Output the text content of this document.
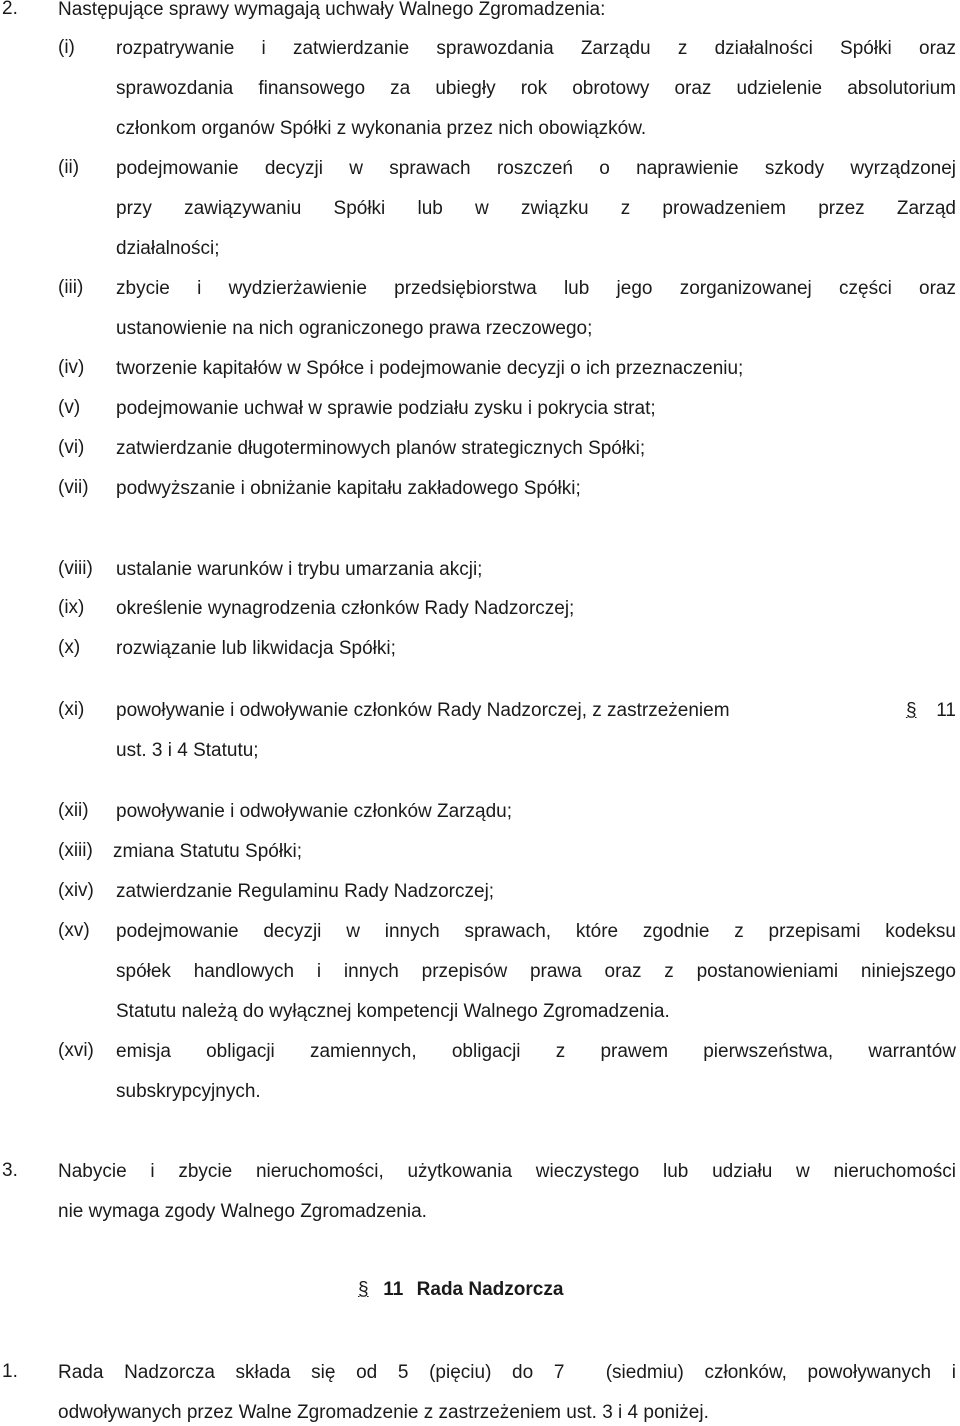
2. Następujące sprawy wymagają uchwały Walnego Zgromadzenia:
(i) rozpatrywanie i zatwierdzanie sprawozdania Zarządu z działalności Spółki oraz
sprawozdania finansowego za ubiegły rok obrotowy oraz udzielenie absolutorium
członkom organów Spółki z wykonania przez nich obowiązków.
(ii) podejmowanie decyzji w sprawach roszczeń o naprawienie szkody wyrządzonej
przy zawiązywaniu Spółki lub w związku z prowadzeniem przez Zarząd
działalności;
(iii) zbycie i wydzierżawienie przedsiębiorstwa lub jego zorganizowanej części oraz
ustanowienie na nich ograniczonego prawa rzeczowego;
(iv) tworzenie kapitałów w Spółce i podejmowanie decyzji o ich przeznaczeniu;
(v) podejmowanie uchwał w sprawie podziału zysku i pokrycia strat;
(vi) zatwierdzanie długoterminowych planów strategicznych Spółki;
(vii) podwyższanie i obniżanie kapitału zakładowego Spółki;
(viii) ustalanie warunków i trybu umarzania akcji;
(ix) określenie wynagrodzenia członków Rady Nadzorczej;
(x) rozwiązanie lub likwidacja Spółki;
(xi) powoływanie i odwoływanie członków Rady Nadzorczej, z zastrzeżeniem	§ 11
ust. 3 i 4 Statutu;
(xii) powoływanie i odwoływanie członków Zarządu;
(xiii) zmiana Statutu Spółki;
(xiv) zatwierdzanie Regulaminu Rady Nadzorczej;
(xv) podejmowanie decyzji w innych sprawach, które zgodnie z przepisami kodeksu
spółek handlowych i innych przepisów prawa oraz z postanowieniami niniejszego
Statutu należą do wyłącznej kompetencji Walnego Zgromadzenia.
(xvi) emisja obligacji zamiennych, obligacji z prawem pierwszeństwa, warrantów
subskrypcyjnych.
3. Nabycie i zbycie nieruchomości, użytkowania wieczystego lub udziału w nieruchomości
nie wymaga zgody Walnego Zgromadzenia.
§ 11 Rada Nadzorcza
1. Rada Nadzorcza składa się od 5 (pięciu) do 7  (siedmiu) członków, powoływanych i
odwoływanych przez Walne Zgromadzenie z zastrzeżeniem ust. 3 i 4 poniżej.
